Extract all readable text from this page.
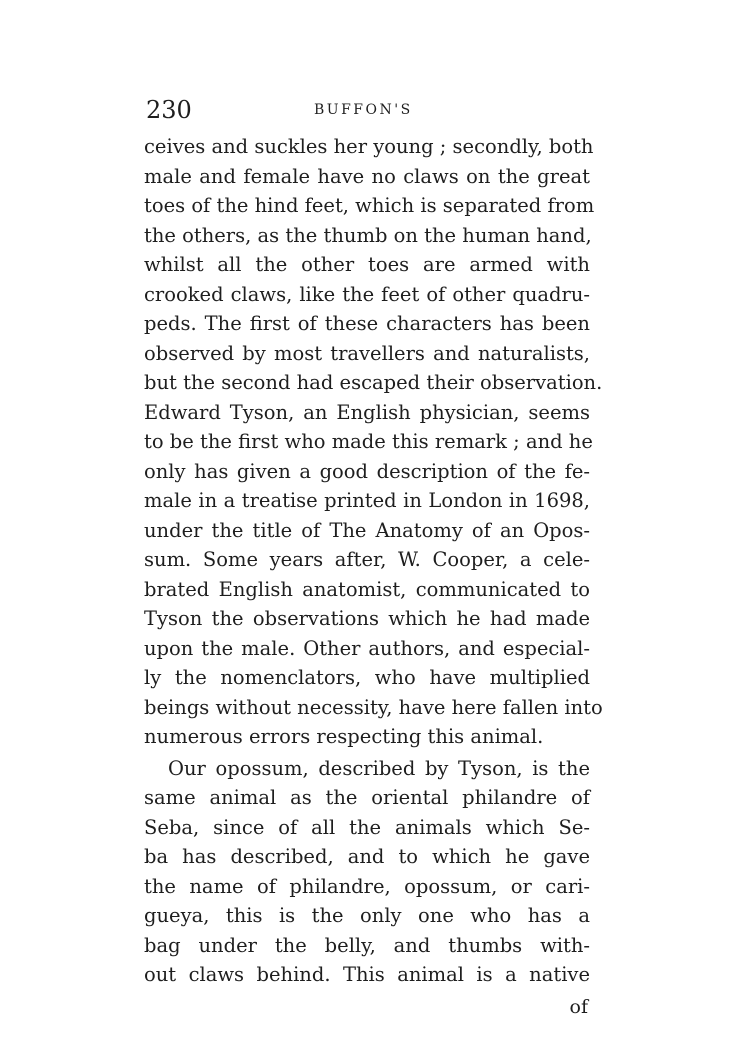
230	BUFFON'S
ceives and suckles her young ; secondly, both
male and female have no claws on the great
toes of the hind feet, which is separated from
the others, as the thumb on the human hand,
whilst all the other toes are armed with
crooked claws, like the feet of other quadru-
peds. The first of these characters has been
observed by most travellers and naturalists,
but the second had escaped their observation.
Edward Tyson, an English physician, seems
to be the first who made this remark ; and he
only has given a good description of the fe-
male in a treatise printed in London in 1698,
under the title of The Anatomy of an Opos-
sum. Some years after, W. Cooper, a cele-
brated English anatomist, communicated to
Tyson the observations which he had made
upon the male. Other authors, and especial-
ly the nomenclators, who have multiplied
beings without necessity, have here fallen into
numerous errors respecting this animal.
Our opossum, described by Tyson, is the
same animal as the oriental philandre of
Seba, since of all the animals which Se-
ba has described, and to which he gave
the name of philandre, opossum, or cari-
gueya, this is the only one who has a
bag under the belly, and thumbs with-
out claws behind. This animal is a native
of
